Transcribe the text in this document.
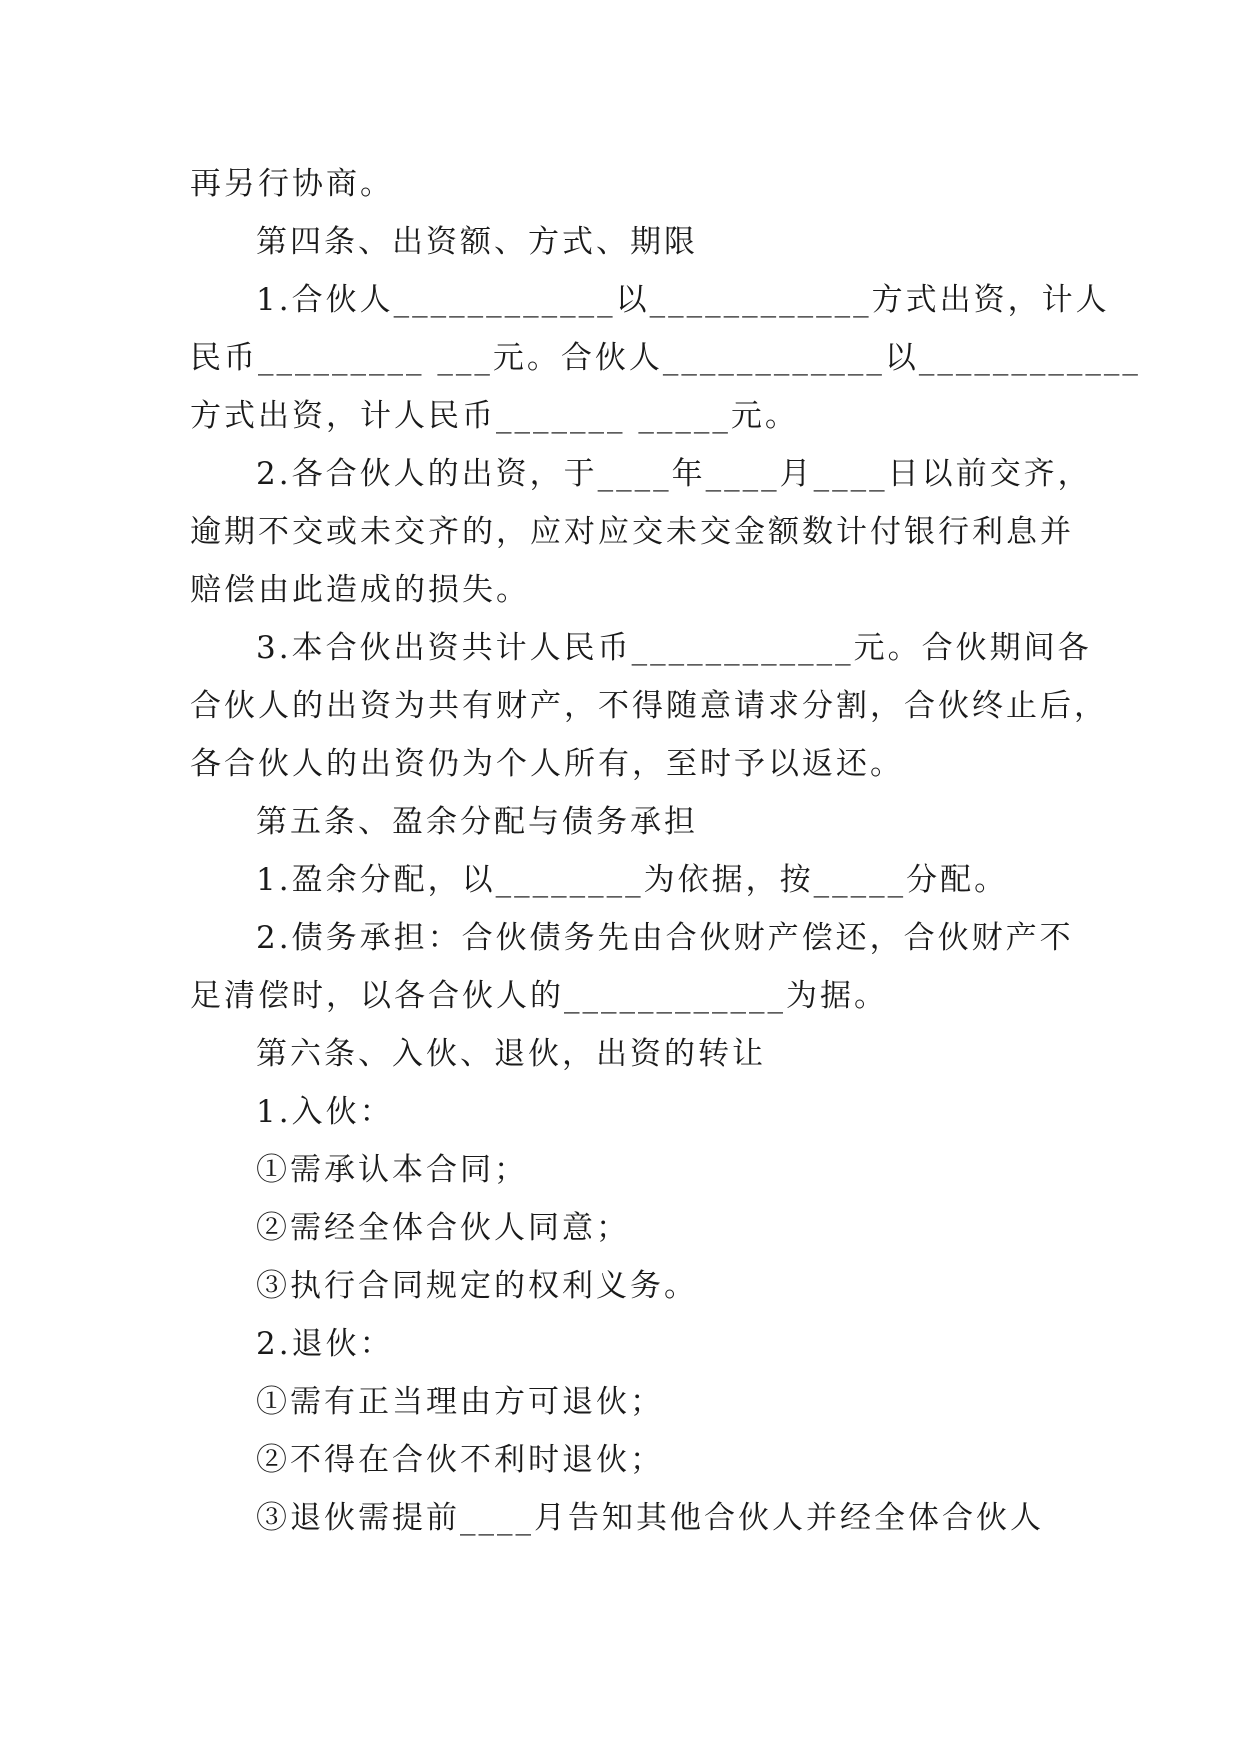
再另行协商。
第四条、出资额、方式、期限
1.合伙人____________以____________方式出资，计人
民币_________ ___元。合伙人____________以____________
方式出资，计人民币_______ _____元。
2.各合伙人的出资，于____年____月____日以前交齐，
逾期不交或未交齐的，应对应交未交金额数计付银行利息并
赔偿由此造成的损失。
3.本合伙出资共计人民币____________元。合伙期间各
合伙人的出资为共有财产，不得随意请求分割，合伙终止后，
各合伙人的出资仍为个人所有，至时予以返还。
第五条、盈余分配与债务承担
1.盈余分配，以________为依据，按_____分配。
2.债务承担：合伙债务先由合伙财产偿还，合伙财产不
足清偿时，以各合伙人的____________为据。
第六条、入伙、退伙，出资的转让
1.入伙：
①需承认本合同；
②需经全体合伙人同意；
③执行合同规定的权利义务。
2.退伙：
①需有正当理由方可退伙；
②不得在合伙不利时退伙；
③退伙需提前____月告知其他合伙人并经全体合伙人
